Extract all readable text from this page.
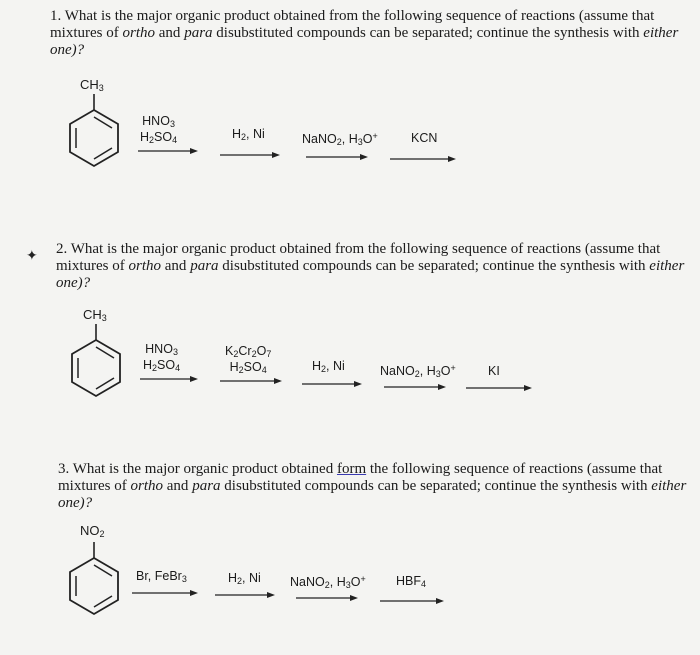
1. What is the major organic product obtained from the following sequence of reactions (assume that
mixtures of ortho and para disubstituted compounds can be separated; continue the synthesis with either
one)?
$CH_3$
$HNO_3$
$H_2SO_4$	$H_2$, Ni	NaNO$_2$, $H_3O^+$	KCN
✦ 2. What is the major organic product obtained from the following sequence of reactions (assume that
mixtures of ortho and para disubstituted compounds can be separated; continue the synthesis with either
one)?
$CH_3$
$HNO_3$
$H_2SO_4$
$K_2Cr_2O_7$
$H_2SO_4$	$H_2$, Ni	NaNO$_2$, $H_3O^+$	KI
3. What is the major organic product obtained form the following sequence of reactions (assume that
mixtures of ortho and para disubstituted compounds can be separated; continue the synthesis with either
one)?
$NO_2$
Br, FeBr$_3$	$H_2$, Ni NaNO$_2$, $H_3O^+$ $HBF_4$
